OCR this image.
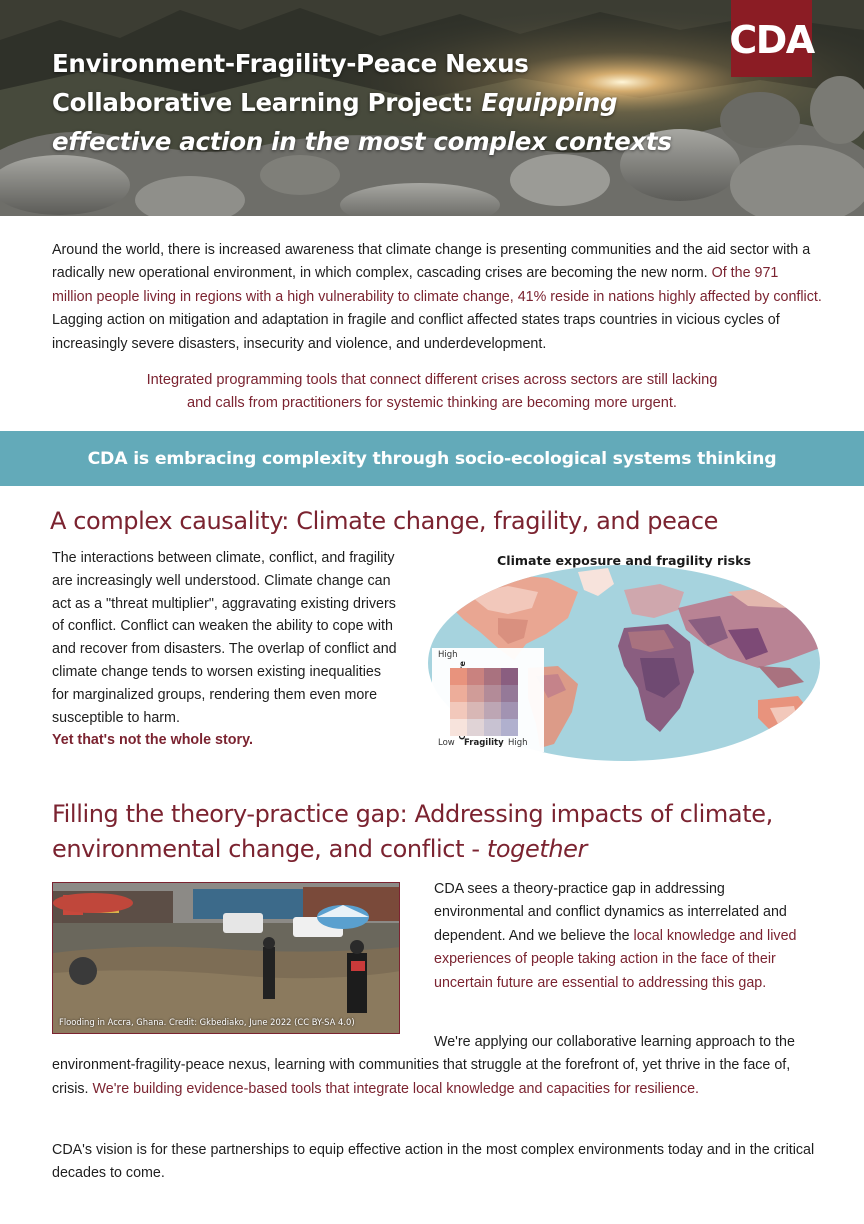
Environment-Fragility-Peace Nexus
Collaborative Learning Project: Equipping
effective action in the most complex contexts
CDA

Around the world, there is increased awareness that climate change is presenting communities and the aid sector with a radically new operational environment, in which complex, cascading crises are becoming the new norm. Of the 971 million people living in regions with a high vulnerability to climate change, 41% reside in nations highly affected by conflict. Lagging action on mitigation and adaptation in fragile and conflict affected states traps countries in vicious cycles of increasingly severe disasters, insecurity and violence, and underdevelopment.

Integrated programming tools that connect different crises across sectors are still lacking
and calls from practitioners for systemic thinking are becoming more urgent.
CDA is embracing complexity through socio-ecological systems thinking
A complex causality: Climate change, fragility, and peace
The interactions between climate, conflict, and fragility are increasingly well understood. Climate change can act as a "threat multiplier", aggravating existing drivers of conflict. Conflict can weaken the ability to cope with and recover from disasters. The overlap of conflict and climate change tends to worsen existing inequalities for marginalized groups, rendering them even more susceptible to harm.
Yet that's not the whole story.
Climate exposure and fragility risks
High
Low Fragility High
Filling the theory-practice gap: Addressing impacts of climate, environmental change, and conflict - together
Flooding in Accra, Ghana. Credit: Gkbediako, June 2022 (CC BY-SA 4.0)

CDA sees a theory-practice gap in addressing environmental and conflict dynamics as interrelated and dependent. And we believe the local knowledge and lived experiences of people taking action in the face of their uncertain future are essential to addressing this gap.

We're applying our collaborative learning approach to the environment-fragility-peace nexus, learning with communities that struggle at the forefront of, yet thrive in the face of, crisis. We're building evidence-based tools that integrate local knowledge and capacities for resilience.

CDA's vision is for these partnerships to equip effective action in the most complex environments today and in the critical decades to come.
